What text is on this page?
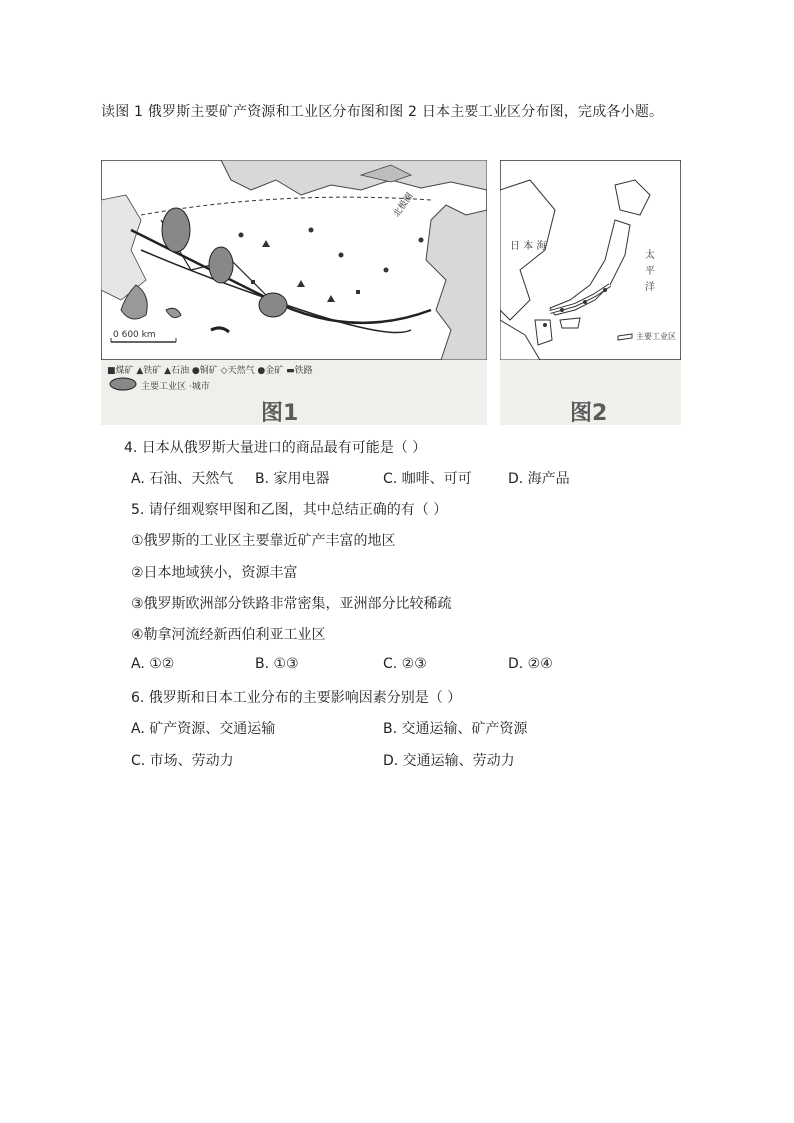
读图 1 俄罗斯主要矿产资源和工业区分布图和图 2 日本主要工业区分布图，完成各小题。
0 600 km
北极圈
■煤矿 ▲铁矿 ▲石油 ●铜矿 ◇天然气 ●金矿 ▬铁路
主要工业区 ·城市
日 本 海
太
平
洋
主要工业区
图1	图2
4. 日本从俄罗斯大量进口的商品最有可能是（ ）
A. 石油、天然气 B. 家用电器	C. 咖啡、可可	D. 海产品
5. 请仔细观察甲图和乙图，其中总结正确的有（ ）
①俄罗斯的工业区主要靠近矿产丰富的地区
②日本地域狭小，资源丰富
③俄罗斯欧洲部分铁路非常密集，亚洲部分比较稀疏
④勒拿河流经新西伯利亚工业区
A. ①②	B. ①③	C. ②③	D. ②④
6. 俄罗斯和日本工业分布的主要影响因素分别是（ ）
A. 矿产资源、交通运输	B. 交通运输、矿产资源
C. 市场、劳动力	D. 交通运输、劳动力
